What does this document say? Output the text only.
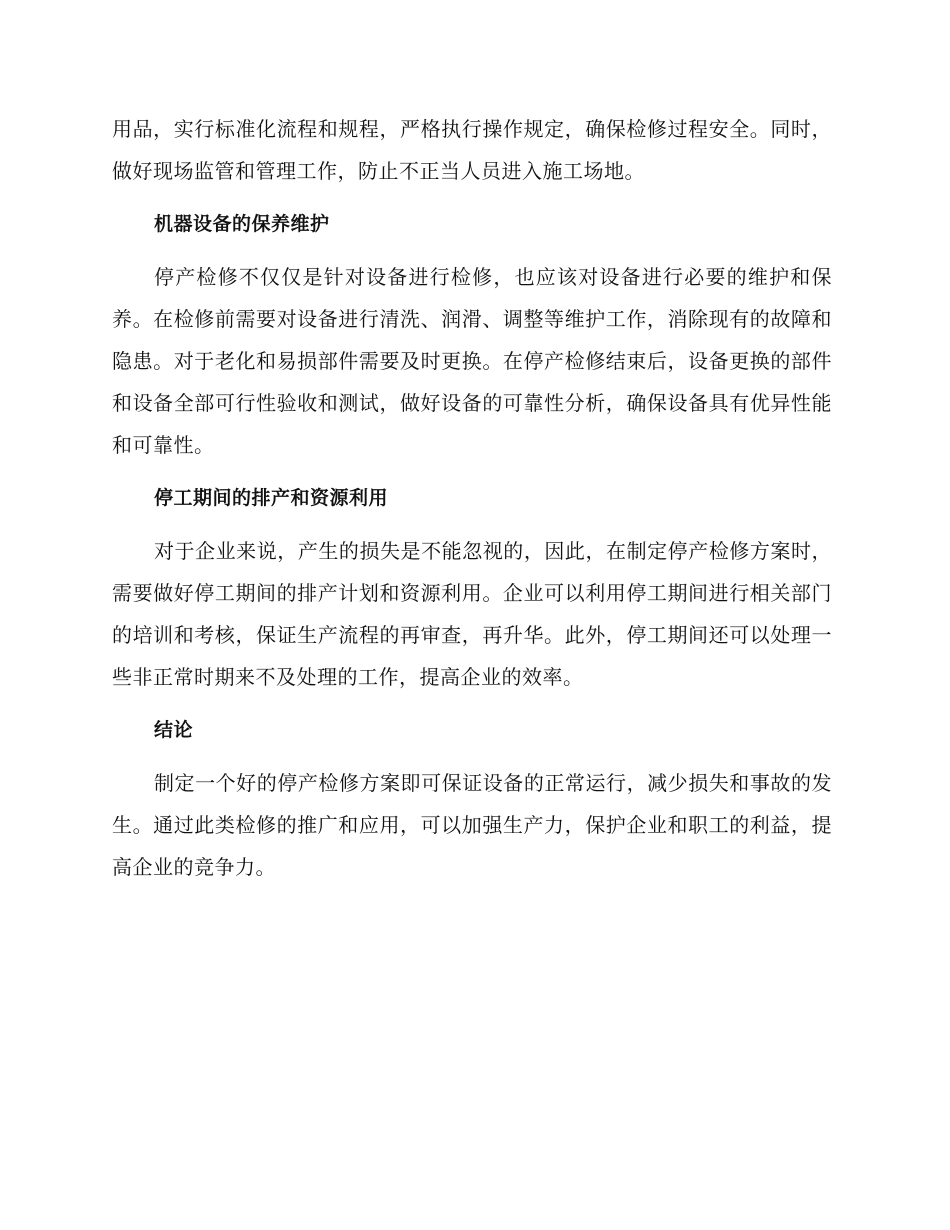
用品，实行标准化流程和规程，严格执行操作规定，确保检修过程安全。同时，做好现场监管和管理工作，防止不正当人员进入施工场地。

机器设备的保养维护

停产检修不仅仅是针对设备进行检修，也应该对设备进行必要的维护和保养。在检修前需要对设备进行清洗、润滑、调整等维护工作，消除现有的故障和隐患。对于老化和易损部件需要及时更换。在停产检修结束后，设备更换的部件和设备全部可行性验收和测试，做好设备的可靠性分析，确保设备具有优异性能和可靠性。

停工期间的排产和资源利用

对于企业来说，产生的损失是不能忽视的，因此，在制定停产检修方案时，需要做好停工期间的排产计划和资源利用。企业可以利用停工期间进行相关部门的培训和考核，保证生产流程的再审查，再升华。此外，停工期间还可以处理一些非正常时期来不及处理的工作，提高企业的效率。

结论

制定一个好的停产检修方案即可保证设备的正常运行，减少损失和事故的发生。通过此类检修的推广和应用，可以加强生产力，保护企业和职工的利益，提高企业的竞争力。
